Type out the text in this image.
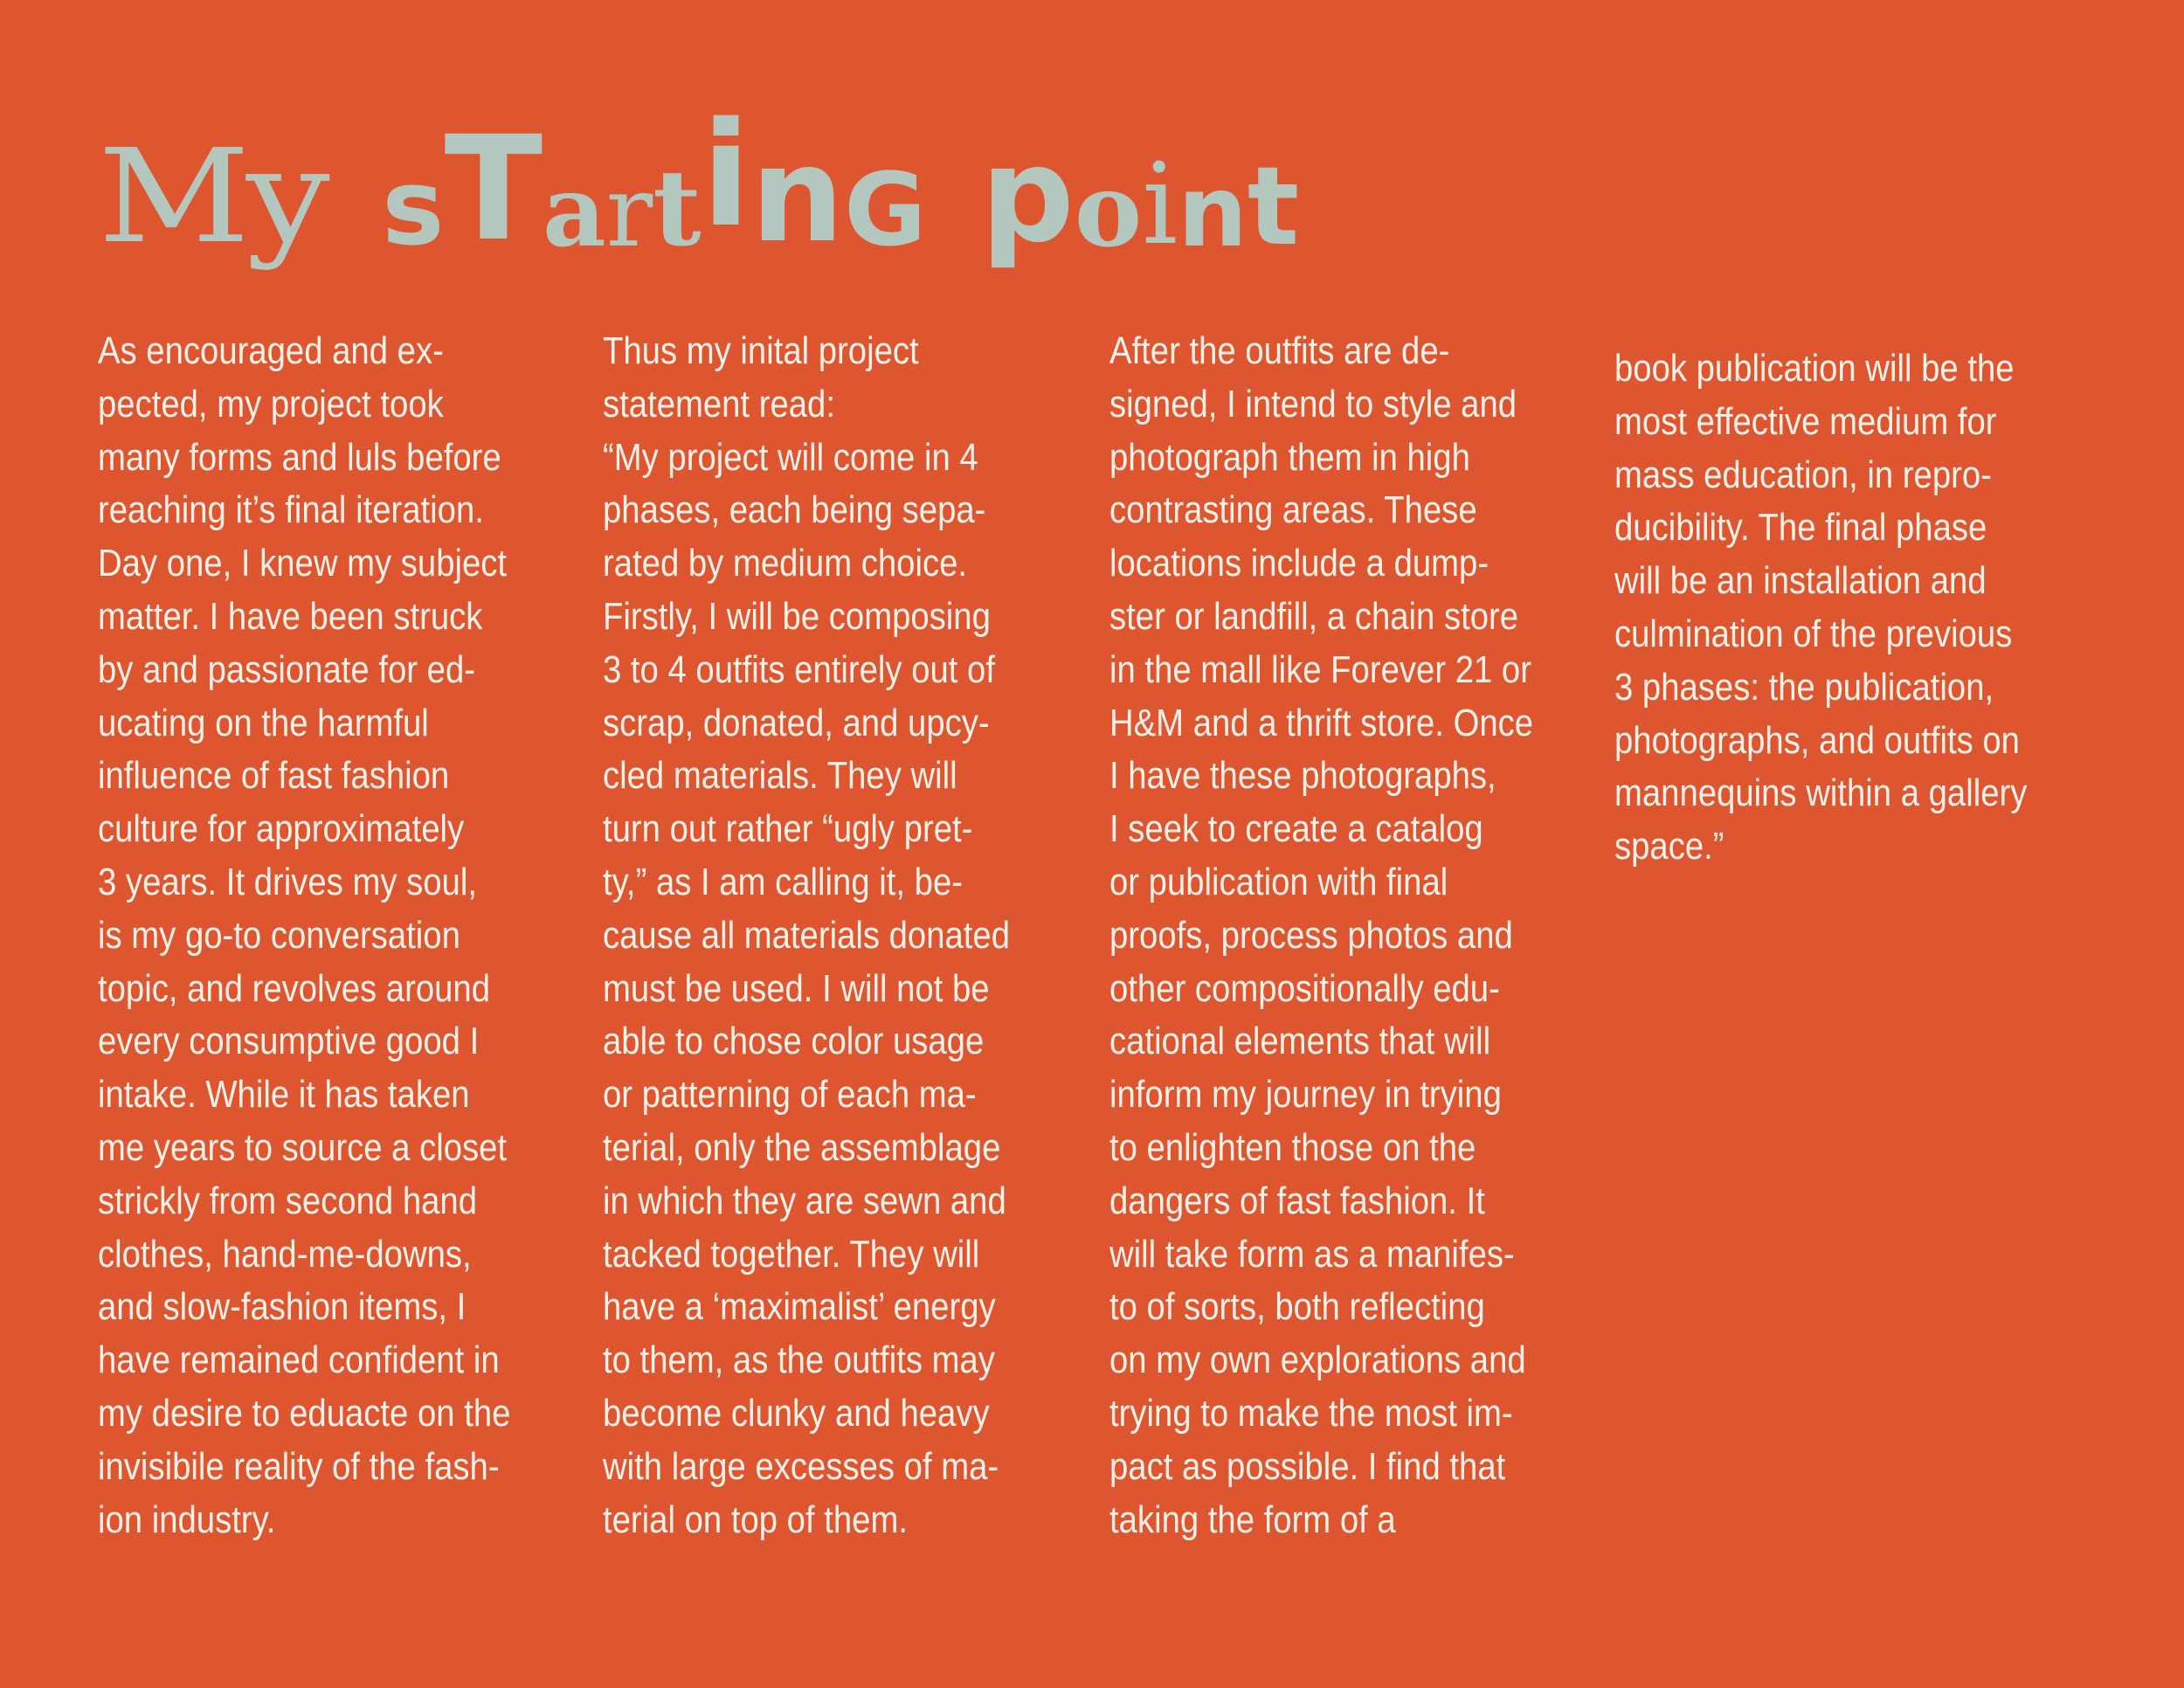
My sTartinG point

As encouraged and ex-
pected, my project took
many forms and luls before
reaching it’s final iteration.
Day one, I knew my subject
matter. I have been struck
by and passionate for ed-
ucating on the harmful
influence of fast fashion
culture for approximately
3 years. It drives my soul,
is my go-to conversation
topic, and revolves around
every consumptive good I
intake. While it has taken
me years to source a closet
strickly from second hand
clothes, hand-me-downs,
and slow-fashion items, I
have remained confident in
my desire to eduacte on the
invisibile reality of the fash-
ion industry.

Thus my inital project
statement read:
“My project will come in 4
phases, each being sepa-
rated by medium choice.
Firstly, I will be composing
3 to 4 outfits entirely out of
scrap, donated, and upcy-
cled materials. They will
turn out rather “ugly pret-
ty,” as I am calling it, be-
cause all materials donated
must be used. I will not be
able to chose color usage
or patterning of each ma-
terial, only the assemblage
in which they are sewn and
tacked together. They will
have a ‘maximalist’ energy
to them, as the outfits may
become clunky and heavy
with large excesses of ma-
terial on top of them.

After the outfits are de-
signed, I intend to style and
photograph them in high
contrasting areas. These
locations include a dump-
ster or landfill, a chain store
in the mall like Forever 21 or
H&M and a thrift store. Once
I have these photographs,
I seek to create a catalog
or publication with final
proofs, process photos and
other compositionally edu-
cational elements that will
inform my journey in trying
to enlighten those on the
dangers of fast fashion. It
will take form as a manifes-
to of sorts, both reflecting
on my own explorations and
trying to make the most im-
pact as possible. I find that
taking the form of a

book publication will be the
most effective medium for
mass education, in repro-
ducibility. The final phase
will be an installation and
culmination of the previous
3 phases: the publication,
photographs, and outfits on
mannequins within a gallery
space.”
